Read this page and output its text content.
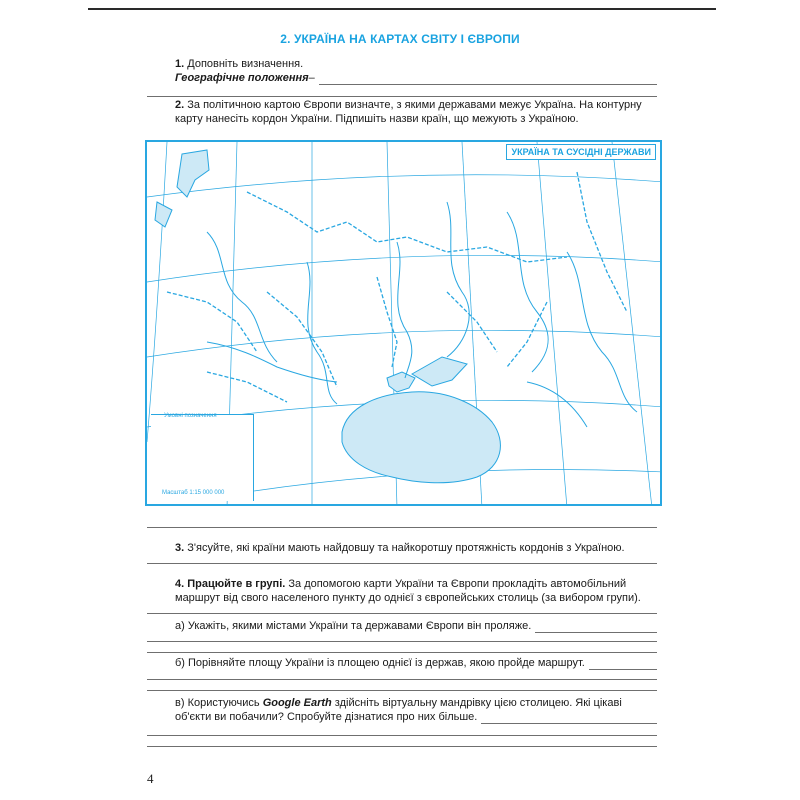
2. УКРАЇНА НА КАРТАХ СВІТУ І ЄВРОПИ
1. Доповніть визначення.
Географічне положення –
2. За політичною картою Європи визначте, з якими державами межує Україна. На контурну
карту нанесіть кордон України. Підпишіть назви країн, що межують з Україною.
УКРАЇНА ТА СУСІДНІ ДЕРЖАВИ
Умовні позначення
Масштаб 1:15 000 000
3. З'ясуйте, які країни мають найдовшу та найкоротшу протяжність кордонів з Україною.
4. Працюйте в групі. За допомогою карти України та Європи прокладіть автомобільний
маршрут від свого населеного пункту до однієї з європейських столиць (за вибором групи).
а) Укажіть, якими містами України та державами Європи він проляже.
б) Порівняйте площу України із площею однієї із держав, якою пройде маршрут.
в) Користуючись Google Earth здійсніть віртуальну мандрівку цією столицею. Які цікаві
об'єкти ви побачили? Спробуйте дізнатися про них більше.
4
